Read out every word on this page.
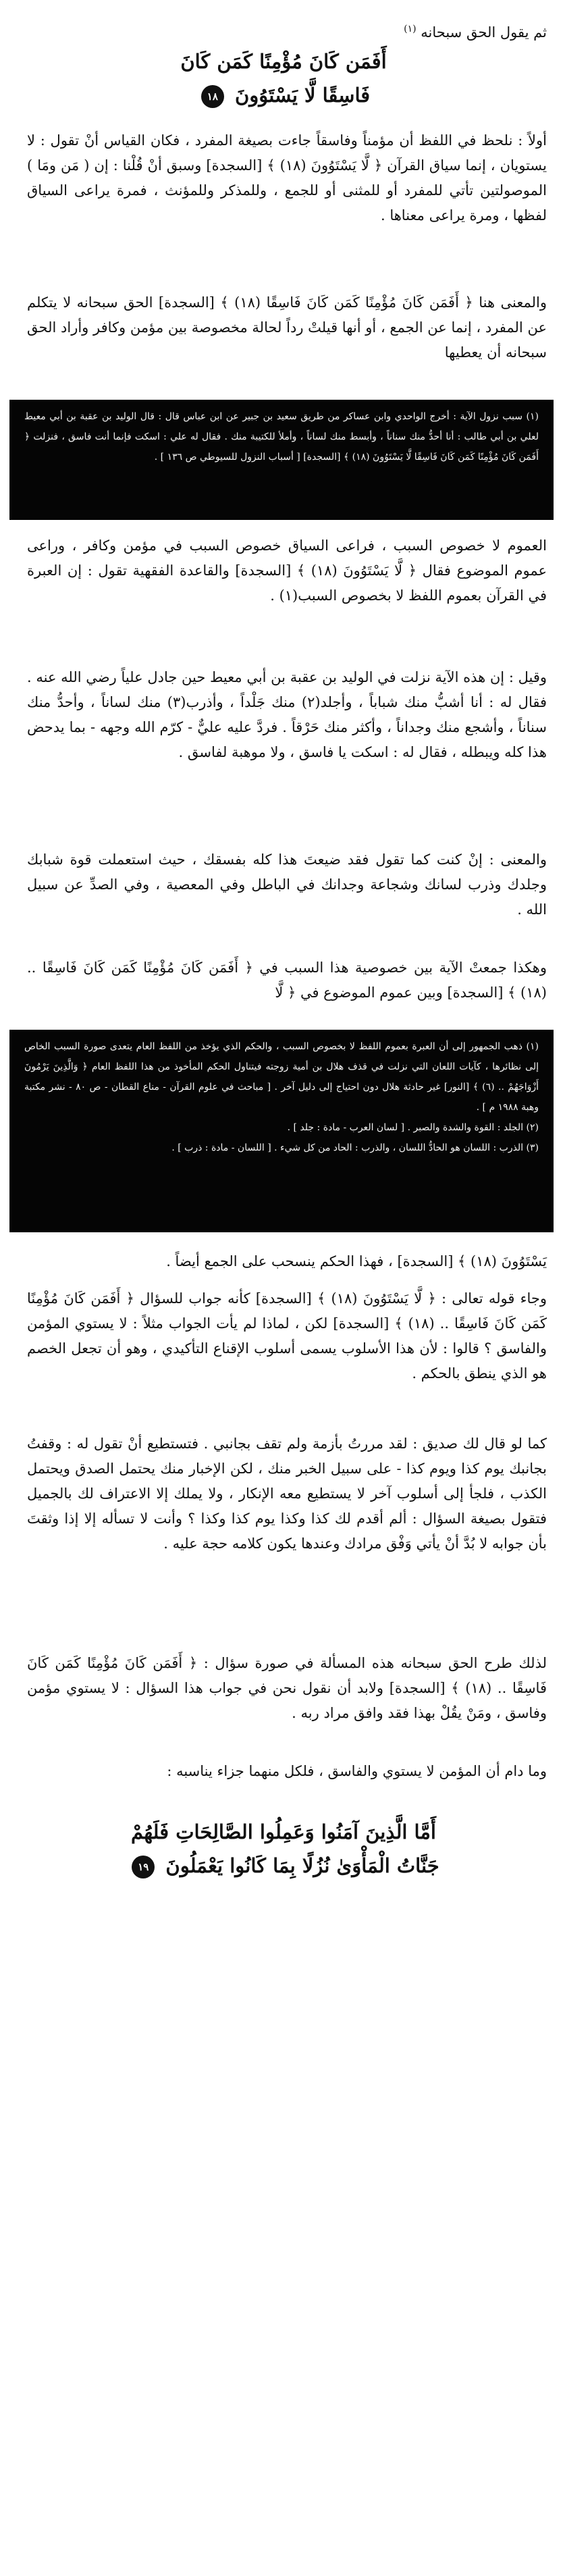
ثم يقول الحق سبحانه $^{(١)}$

أَفَمَن كَانَ مُؤْمِنًا كَمَن كَانَ
فَاسِقًا لَّا يَسْتَوُونَ ١٨

أولاً : نلحظ في اللفظ أن مؤمناً وفاسقاً جاءت بصيغة المفرد ، فكان القياس أنْ تقول : لا يستويان ، إنما سياق القرآن ﴿ لَّا يَسْتَوُونَ (١٨) ﴾ [السجدة] وسبق أنْ قُلْنا : إن ( مَن ومَا ) الموصولتين تأتي للمفرد أو للمثنى أو للجمع ، وللمذكر وللمؤنث ، فمرة يراعى السياق لفظها ، ومرة يراعى معناها .

والمعنى هنا ﴿ أَفَمَن كَانَ مُؤْمِنًا كَمَن كَانَ فَاسِقًا (١٨) ﴾ [السجدة] الحق سبحانه لا يتكلم عن المفرد ، إنما عن الجمع ، أو أنها قيلتْ رداً لحالة مخصوصة بين مؤمن وكافر وأراد الحق سبحانه أن يعطيها

(١) سبب نزول الآية : أخرج الواحدي وابن عساكر من طريق سعيد بن جبير عن ابن عباس قال : قال الوليد بن عقبة بن أبي معيط لعلي بن أبي طالب : أنا أحدُّ منك سناناً ، وأبسط منك لساناً ، وأملأ للكتيبة منك . فقال له علي : اسكت فإنما أنت فاسق ، فنزلت ﴿ أَفَمَن كَانَ مُؤْمِنًا كَمَن كَانَ فَاسِقًا لَّا يَسْتَوُونَ (١٨) ﴾ [السجدة] [ أسباب النزول للسيوطي ص ١٣٦ ] .

العموم لا خصوص السبب ، فراعى السياق خصوص السبب في مؤمن وكافر ، وراعى عموم الموضوع فقال ﴿ لَّا يَسْتَوُونَ (١٨) ﴾ [السجدة] والقاعدة الفقهية تقول : إن العبرة في القرآن بعموم اللفظ لا بخصوص السبب(١) .

وقيل : إن هذه الآية نزلت في الوليد بن عقبة بن أبي معيط حين جادل علياً رضي الله عنه . فقال له : أنا أشبُّ منك شباباً ، وأجلد(٢) منك جَلْداً ، وأذرب(٣) منك لساناً ، وأحدُّ منك سناناً ، وأشجع منك وجداناً ، وأكثر منك حَرْقاً . فردَّ عليه عليٌّ - كرّم الله وجهه - بما يدحض هذا كله ويبطله ، فقال له : اسكت يا فاسق ، ولا موهبة لفاسق .

والمعنى : إنْ كنت كما تقول فقد ضيعتَ هذا كله بفسقك ، حيث استعملت قوة شبابك وجلدك وذرب لسانك وشجاعة وجدانك في الباطل وفي المعصية ، وفي الصدِّ عن سبيل الله .

وهكذا جمعتْ الآية بين خصوصية هذا السبب في ﴿ أَفَمَن كَانَ مُؤْمِنًا كَمَن كَانَ فَاسِقًا .. (١٨) ﴾ [السجدة] وبين عموم الموضوع في ﴿ لَّا

(١) ذهب الجمهور إلى أن العبرة بعموم اللفظ لا بخصوص السبب ، والحكم الذي يؤخذ من اللفظ العام يتعدى صورة السبب الخاص إلى نظائرها ، كآيات اللعان التي نزلت في قذف هلال بن أمية زوجته فيتناول الحكم المأخوذ من هذا اللفظ العام ﴿ وَالَّذِينَ يَرْمُونَ أَزْوَاجَهُمْ .. (٦) ﴾ [النور] غير حادثة هلال دون احتياج إلى دليل آخر . [ مباحث في علوم القرآن - مناع القطان - ص ٨٠ - نشر مكتبة وهبة ١٩٨٨ م ] .

(٢) الجلد : القوة والشدة والصبر . [ لسان العرب - مادة : جلد ] .

(٣) الذرب : اللسان هو الحادُّ اللسان ، والذرب : الحاد من كل شيء . [ اللسان - مادة : ذرب ] .

يَسْتَوُونَ (١٨) ﴾ [السجدة] ، فهذا الحكم ينسحب على الجمع أيضاً .

وجاء قوله تعالى : ﴿ لَّا يَسْتَوُونَ (١٨) ﴾ [السجدة] كأنه جواب للسؤال ﴿ أَفَمَن كَانَ مُؤْمِنًا كَمَن كَانَ فَاسِقًا .. (١٨) ﴾ [السجدة] لكن ، لماذا لم يأت الجواب مثلاً : لا يستوي المؤمن والفاسق ؟ قالوا : لأن هذا الأسلوب يسمى أسلوب الإقناع التأكيدي ، وهو أن تجعل الخصم هو الذي ينطق بالحكم .

كما لو قال لك صديق : لقد مررتُ بأزمة ولم تقف بجانبي . فتستطيع أنْ تقول له : وقفتُ بجانبك يوم كذا ويوم كذا - على سبيل الخبر منك ، لكن الإخبار منك يحتمل الصدق ويحتمل الكذب ، فلجأ إلى أسلوب آخر لا يستطيع معه الإنكار ، ولا يملك إلا الاعتراف لك بالجميل فتقول بصيغة السؤال : ألم أقدم لك كذا وكذا يوم كذا وكذا ؟ وأنت لا تسأله إلا إذا وثقتَ بأن جوابه لا بُدَّ أنْ يأتي وَفْق مرادك وعندها يكون كلامه حجة عليه .

لذلك طرح الحق سبحانه هذه المسألة في صورة سؤال : ﴿ أَفَمَن كَانَ مُؤْمِنًا كَمَن كَانَ فَاسِقًا .. (١٨) ﴾ [السجدة] ولابد أن نقول نحن في جواب هذا السؤال : لا يستوي مؤمن وفاسق ، ومَنْ يقُلْ بهذا فقد وافق مراد ربه .

وما دام أن المؤمن لا يستوي والفاسق ، فلكل منهما جزاء يناسبه :

أَمَّا الَّذِينَ آمَنُوا وَعَمِلُوا الصَّالِحَاتِ فَلَهُمْ
جَنَّاتُ الْمَأْوَىٰ نُزُلًا بِمَا كَانُوا يَعْمَلُونَ ١٩
